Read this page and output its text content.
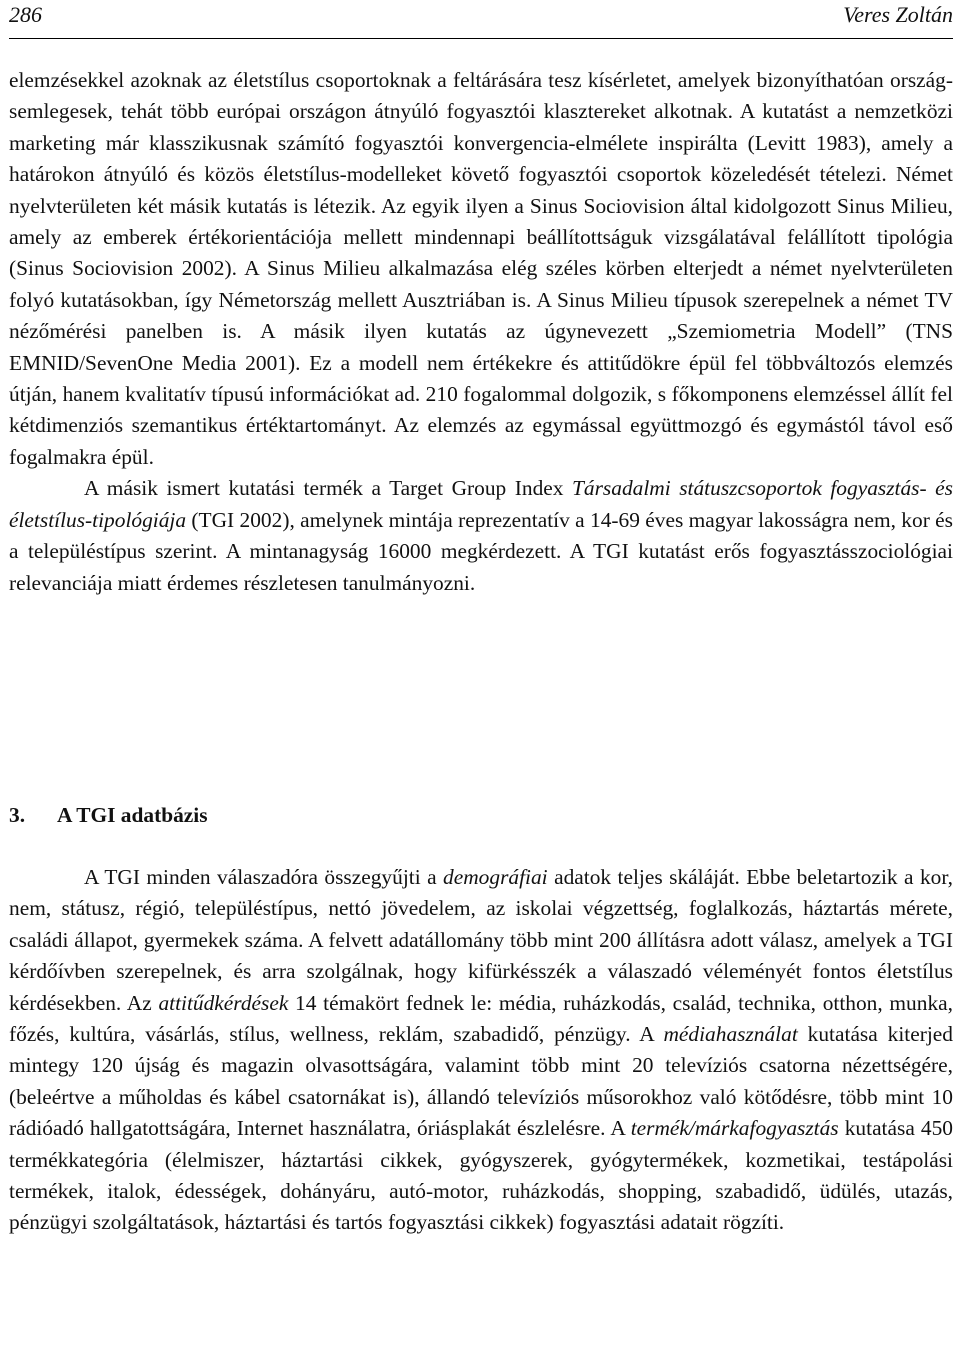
286	Veres Zoltán

elemzésekkel azoknak az életstílus csoportoknak a feltárására tesz kísérletet, amelyek bizonyíthatóan ország-semlegesek, tehát több európai országon átnyúló fogyasztói klasztereket alkotnak. A kutatást a nemzetközi marketing már klasszikusnak számító fogyasztói konvergencia-elmélete inspirálta (Levitt 1983), amely a határokon átnyúló és közös életstílus-modelleket követő fogyasztói csoportok közeledését tételezi. Német nyelvterületen két másik kutatás is létezik. Az egyik ilyen a Sinus Sociovision által kidolgozott Sinus Milieu, amely az emberek értékorientációja mellett mindennapi beállítottságuk vizsgálatával felállított tipológia (Sinus Sociovision 2002). A Sinus Milieu alkalmazása elég széles körben elterjedt a német nyelvterületen folyó kutatásokban, így Németország mellett Ausztriában is. A Sinus Milieu típusok szerepelnek a német TV nézőmérési panelben is. A másik ilyen kutatás az úgynevezett „Szemiometria Modell” (TNS EMNID/SevenOne Media 2001). Ez a modell nem értékekre és attitűdökre épül fel többváltozós elemzés útján, hanem kvalitatív típusú információkat ad. 210 fogalommal dolgozik, s főkomponens elemzéssel állít fel kétdimenziós szemantikus értéktartományt. Az elemzés az egymással együttmozgó és egymástól távol eső fogalmakra épül.

A másik ismert kutatási termék a Target Group Index Társadalmi státuszcsoportok fogyasztás- és életstílus-tipológiája (TGI 2002), amelynek mintája reprezentatív a 14-69 éves magyar lakosságra nem, kor és a településtípus szerint. A mintanagyság 16000 megkérdezett. A TGI kutatást erős fogyasztásszociológiai relevanciája miatt érdemes részletesen tanulmányozni.

3. A TGI adatbázis

A TGI minden válaszadóra összegyűjti a demográfiai adatok teljes skáláját. Ebbe beletartozik a kor, nem, státusz, régió, településtípus, nettó jövedelem, az iskolai végzettség, foglalkozás, háztartás mérete, családi állapot, gyermekek száma. A felvett adatállomány több mint 200 állításra adott válasz, amelyek a TGI kérdőívben szerepelnek, és arra szolgálnak, hogy kifürkésszék a válaszadó véleményét fontos életstílus kérdésekben. Az attitűdkérdések 14 témakört fednek le: média, ruházkodás, család, technika, otthon, munka, főzés, kultúra, vásárlás, stílus, wellness, reklám, szabadidő, pénzügy. A médiahasználat kutatása kiterjed mintegy 120 újság és magazin olvasottságára, valamint több mint 20 televíziós csatorna nézettségére, (beleértve a műholdas és kábel csatornákat is), állandó televíziós műsorokhoz való kötődésre, több mint 10 rádióadó hallgatottságára, Internet használatra, óriásplakát észlelésre. A termék/márkafogyasztás kutatása 450 termékkategória (élelmiszer, háztartási cikkek, gyógyszerek, gyógytermékek, kozmetikai, testápolási termékek, italok, édességek, dohányáru, autó-motor, ruházkodás, shopping, szabadidő, üdülés, utazás, pénzügyi szolgáltatások, háztartási és tartós fogyasztási cikkek) fogyasztási adatait rögzíti.
